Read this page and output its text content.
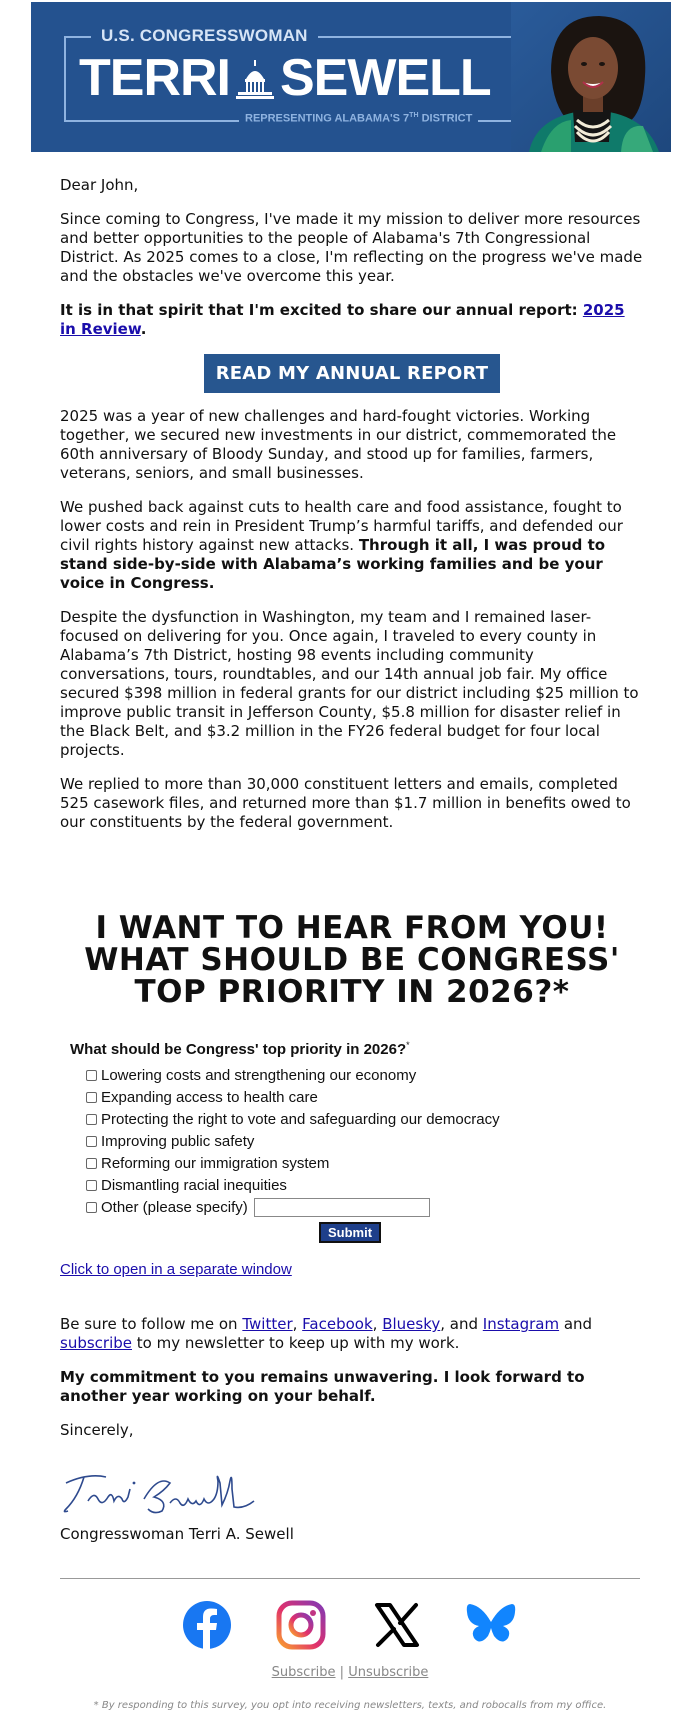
U.S. CONGRESSWOMAN
TERRI SEWELL
REPRESENTING ALABAMA'S 7TH DISTRICT

Dear John,

Since coming to Congress, I've made it my mission to deliver more resources and better opportunities to the people of Alabama's 7th Congressional District. As 2025 comes to a close, I'm reflecting on the progress we've made and the obstacles we've overcome this year.

It is in that spirit that I'm excited to share our annual report: 2025 in Review.

READ MY ANNUAL REPORT

2025 was a year of new challenges and hard-fought victories. Working together, we secured new investments in our district, commemorated the 60th anniversary of Bloody Sunday, and stood up for families, farmers, veterans, seniors, and small businesses.

We pushed back against cuts to health care and food assistance, fought to lower costs and rein in President Trump’s harmful tariffs, and defended our civil rights history against new attacks. Through it all, I was proud to stand side-by-side with Alabama’s working families and be your voice in Congress.

Despite the dysfunction in Washington, my team and I remained laser-focused on delivering for you. Once again, I traveled to every county in Alabama’s 7th District, hosting 98 events including community conversations, tours, roundtables, and our 14th annual job fair. My office secured $398 million in federal grants for our district including $25 million to improve public transit in Jefferson County, $5.8 million for disaster relief in the Black Belt, and $3.2 million in the FY26 federal budget for four local projects.

We replied to more than 30,000 constituent letters and emails, completed 525 casework files, and returned more than $1.7 million in benefits owed to our constituents by the federal government.

I WANT TO HEAR FROM YOU!
WHAT SHOULD BE CONGRESS'
TOP PRIORITY IN 2026?*
What should be Congress' top priority in 2026?*
Lowering costs and strengthening our economy
Expanding access to health care
Protecting the right to vote and safeguarding our democracy
Improving public safety
Reforming our immigration system
Dismantling racial inequities
Other (please specify)
Submit
Click to open in a separate window

Be sure to follow me on Twitter, Facebook, Bluesky, and Instagram and subscribe to my newsletter to keep up with my work.

My commitment to you remains unwavering. I look forward to another year working on your behalf.

Sincerely,

Congresswoman Terri A. Sewell
Subscribe | Unsubscribe
* By responding to this survey, you opt into receiving newsletters, texts, and robocalls from my office.
